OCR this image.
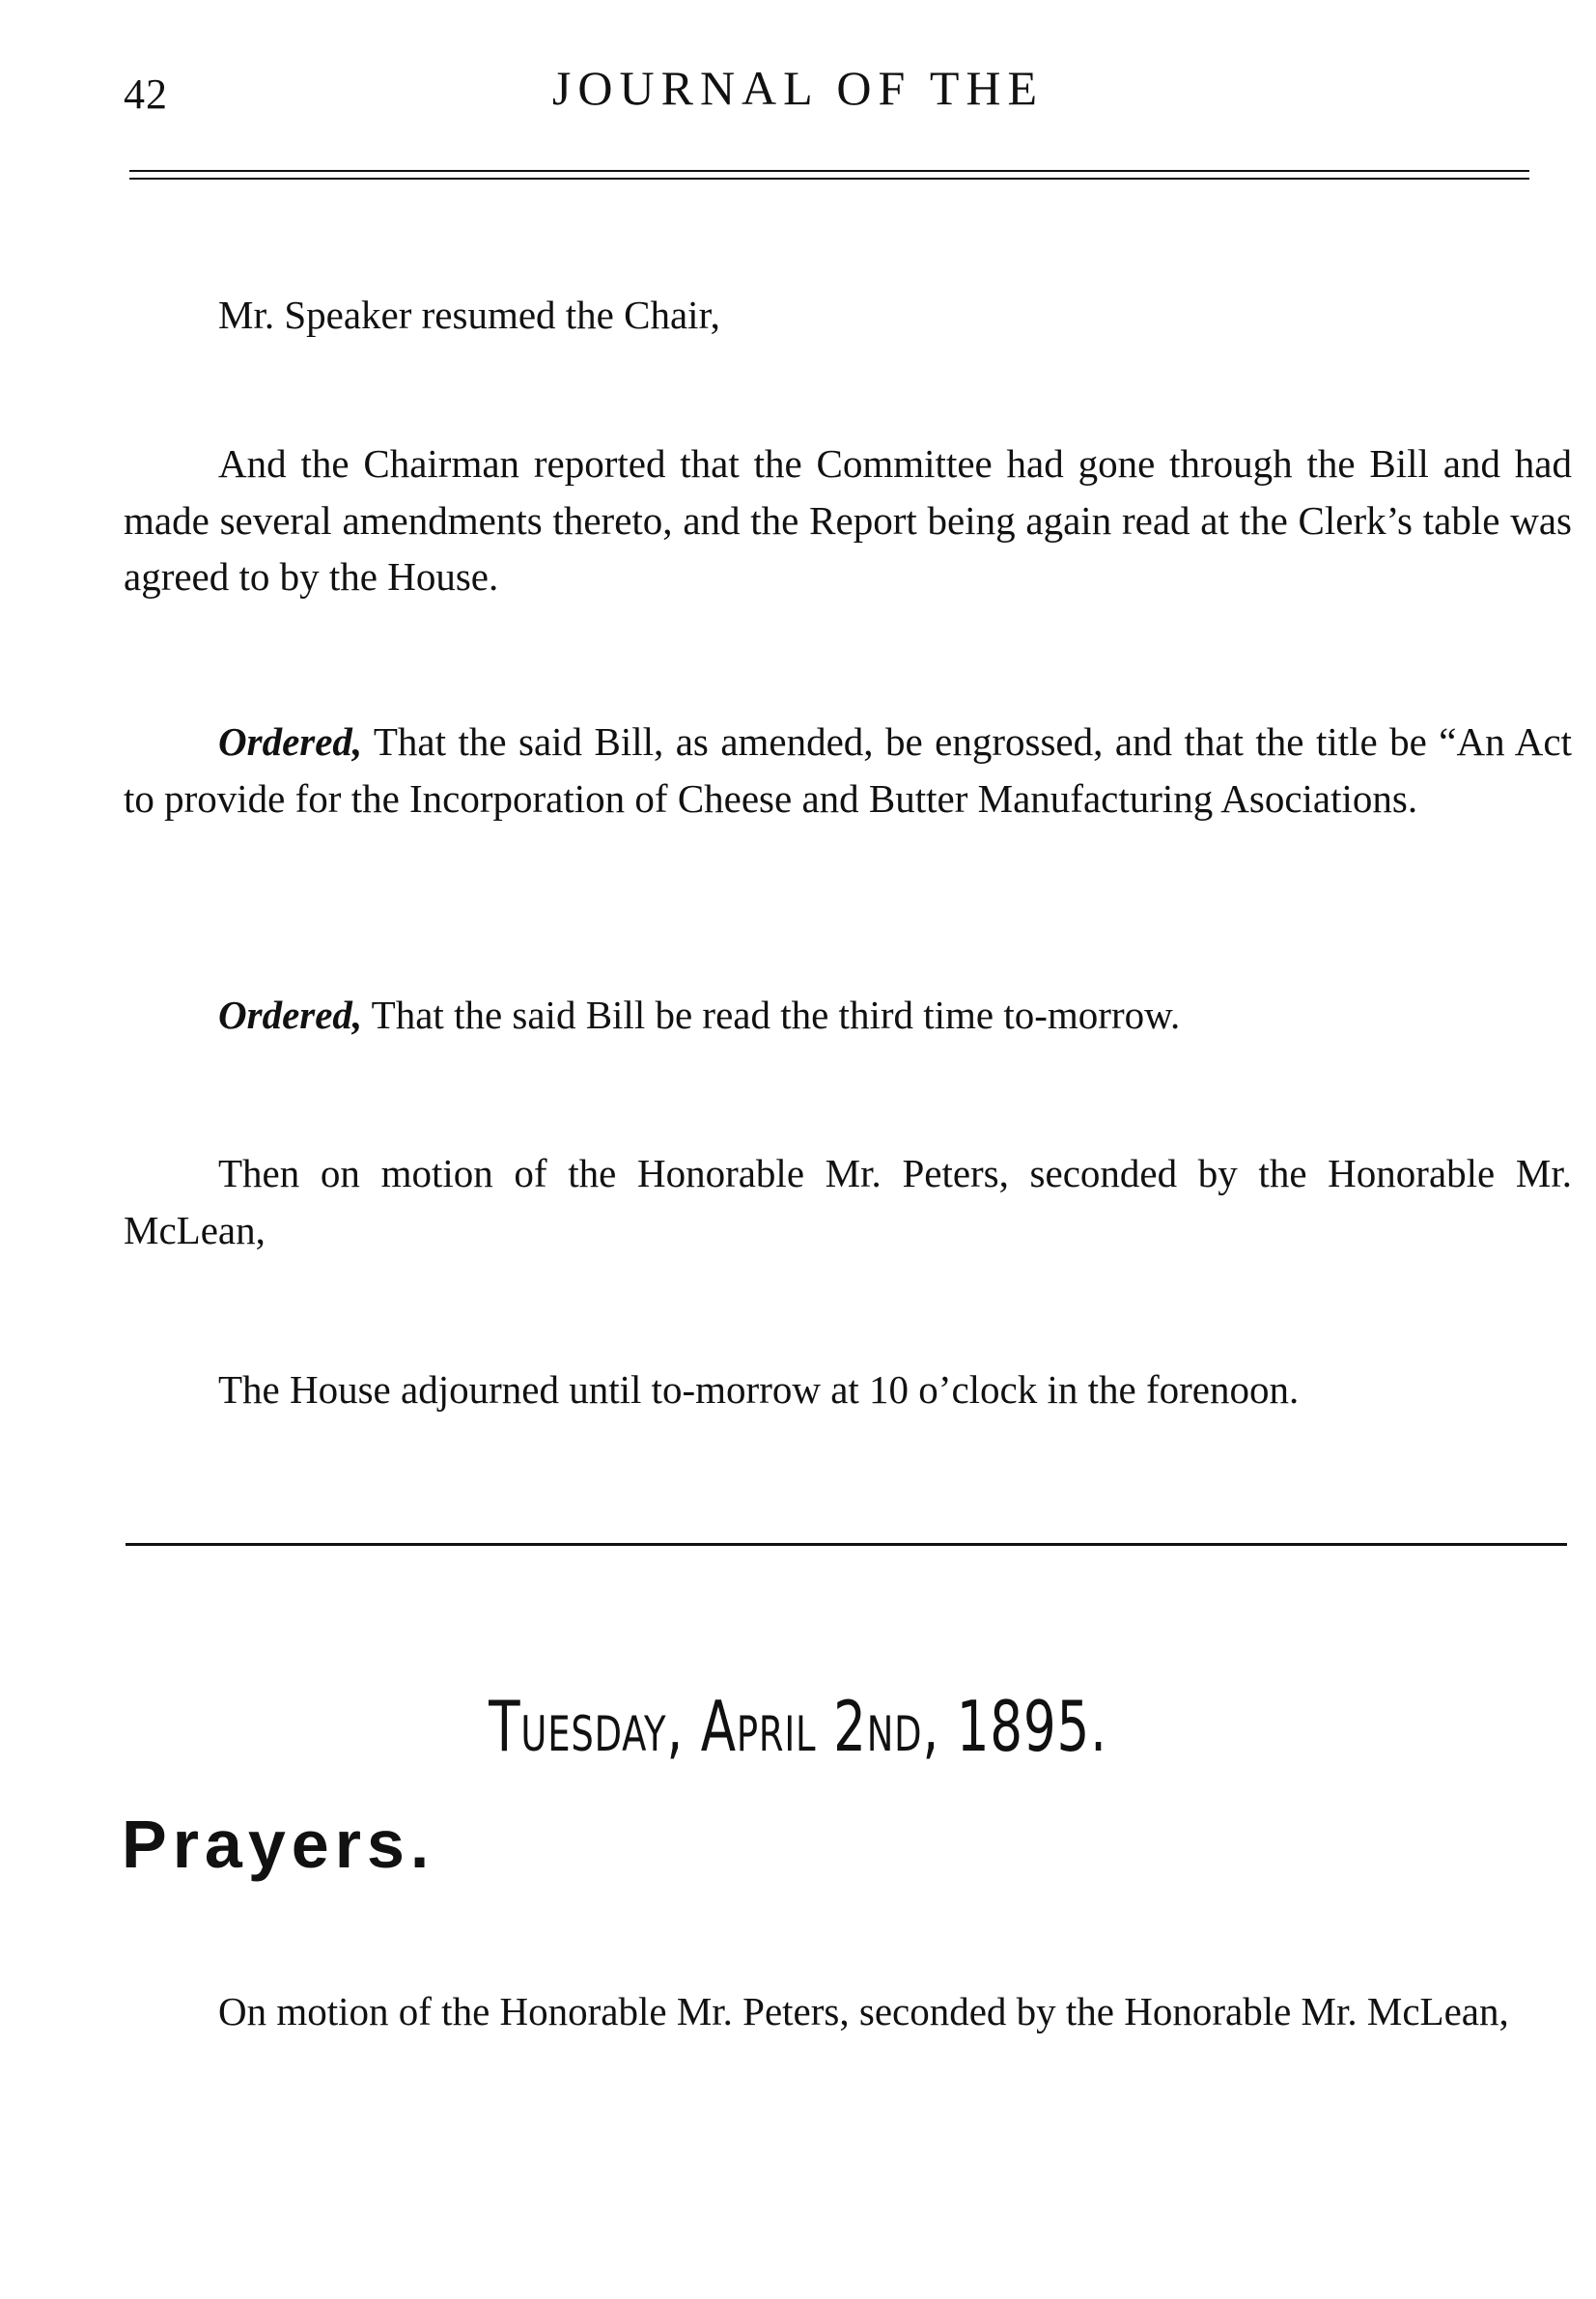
42	JOURNAL OF THE

Mr. Speaker resumed the Chair,

And the Chairman reported that the Committee had gone through the Bill and had made several amendments thereto, and the Report being again read at the Clerk’s table was agreed to by the House.

Ordered, That the said Bill, as amended, be engrossed, and that the title be “An Act to provide for the Incorporation of Cheese and Butter Manufacturing Asociations.

Ordered, That the said Bill be read the third time to-morrow.

Then on motion of the Honorable Mr. Peters, seconded by the Honorable Mr. McLean,

The House adjourned until to-morrow at 10 o’clock in the forenoon.

Tuesday, April 2nd, 1895.
Prayers.

On motion of the Honorable Mr. Peters, seconded by the Honorable Mr. McLean,
